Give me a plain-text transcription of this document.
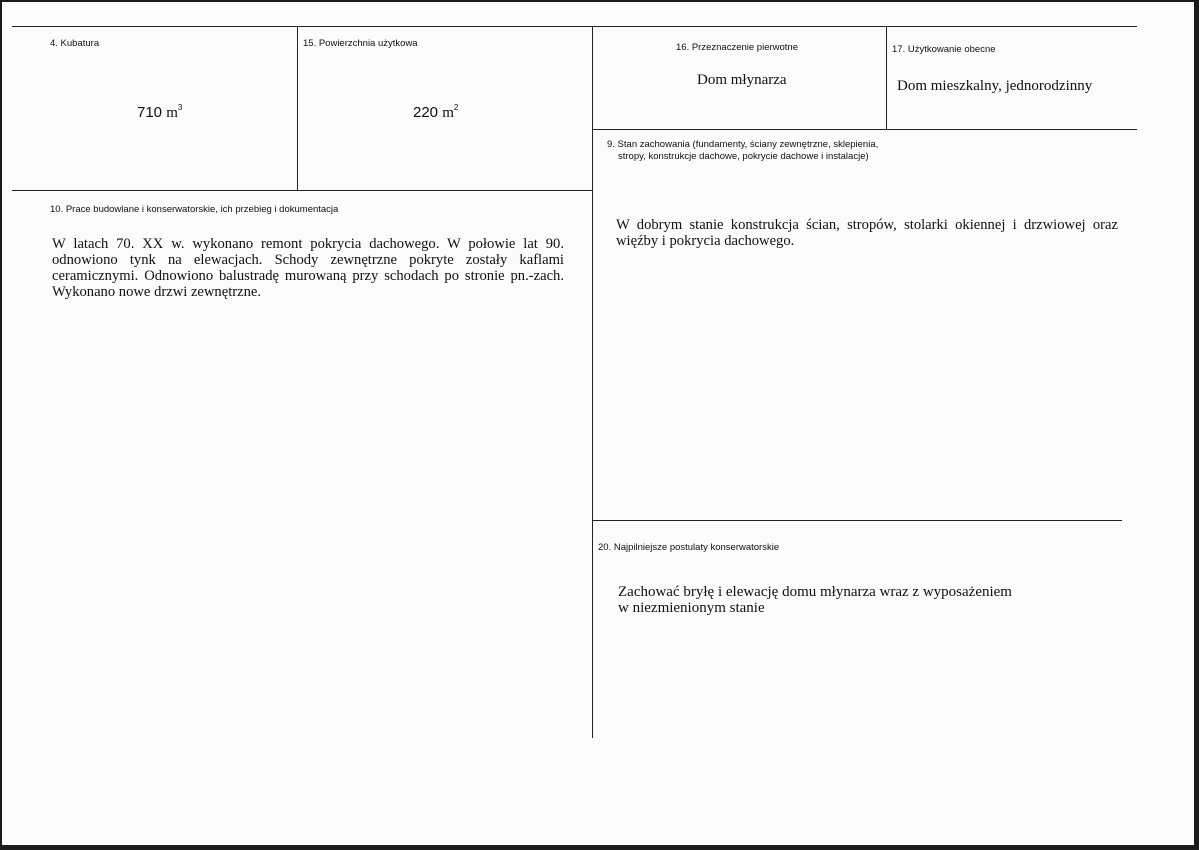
4. Kubatura
710 $m^3$
15. Powierzchnia użytkowa
220 $m^2$
16. Przeznaczenie pierwotne
Dom młynarza
17. Użytkowanie obecne
Dom mieszkalny, jednorodzinny
9. Stan zachowania (fundamenty, ściany zewnętrzne, sklepienia,
stropy, konstrukcje dachowe, pokrycie dachowe i instalacje)
W dobrym stanie konstrukcja ścian, stropów, stolarki okiennej i drzwiowej oraz więźby i pokrycia dachowego.
10. Prace budowlane i konserwatorskie, ich przebieg i dokumentacja
W latach 70. XX w. wykonano remont pokrycia dachowego. W połowie lat 90. odnowiono tynk na elewacjach. Schody zewnętrzne pokryte zostały kaflami ceramicznymi. Odnowiono balustradę murowaną przy schodach po stronie pn.-zach. Wykonano nowe drzwi zewnętrzne.
20. Najpilniejsze postulaty konserwatorskie
Zachować bryłę i elewację domu młynarza wraz z wyposażeniem
w niezmienionym stanie
